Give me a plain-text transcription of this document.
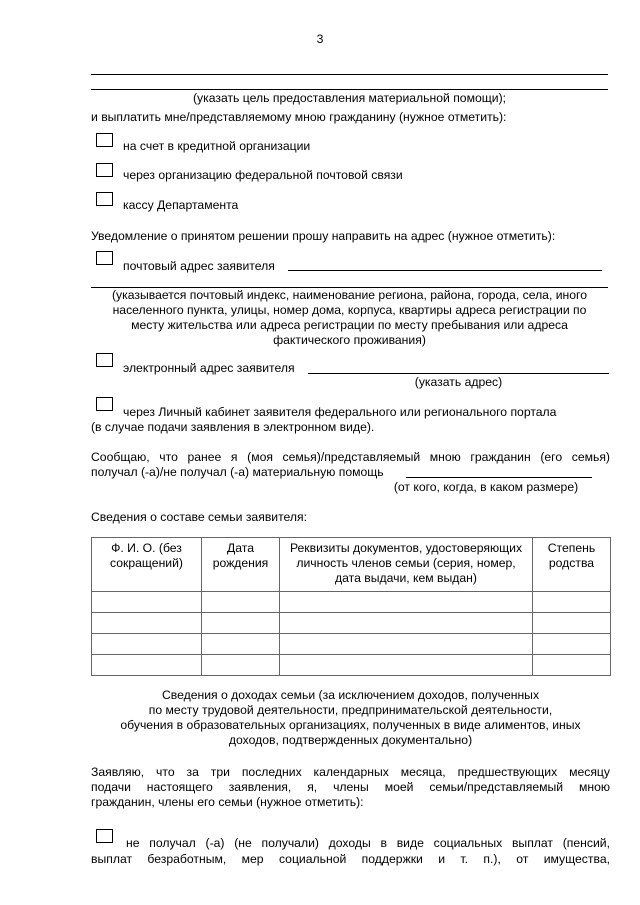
3
(указать цель предоставления материальной помощи);
и выплатить мне/представляемому мною гражданину (нужное отметить):
на счет в кредитной организации
через организацию федеральной почтовой связи
кассу Департамента
Уведомление о принятом решении прошу направить на адрес (нужное отметить):
почтовый адрес заявителя
(указывается почтовый индекс, наименование региона, района, города, села, иного
населенного пункта, улицы, номер дома, корпуса, квартиры адреса регистрации по
месту жительства или адреса регистрации по месту пребывания или адреса
фактического проживания)
электронный адрес заявителя
(указать адрес)
через Личный кабинет заявителя федерального или регионального портала
(в случае подачи заявления в электронном виде).
Сообщаю, что ранее я (моя семья)/представляемый мною гражданин (его семья)
получал (-а)/не получал (-а) материальную помощь
(от кого, когда, в каком размере)
Сведения о составе семьи заявителя:
Ф. И. О. (без сокращений)	Дата рождения	Реквизиты документов, удостоверяющих личность членов семьи (серия, номер, дата выдачи, кем выдан)	Степень родства

Сведения о доходах семьи (за исключением доходов, полученных
по месту трудовой деятельности, предпринимательской деятельности,
обучения в образовательных организациях, полученных в виде алиментов, иных
доходов, подтвержденных документально)
Заявляю, что за три последних календарных месяца, предшествующих месяцу
подачи настоящего заявления, я, члены моей семьи/представляемый мною
гражданин, члены его семьи (нужное отметить):
не получал (-а) (не получали) доходы в виде социальных выплат (пенсий,
выплат безработным, мер социальной поддержки и т. п.), от имущества,
